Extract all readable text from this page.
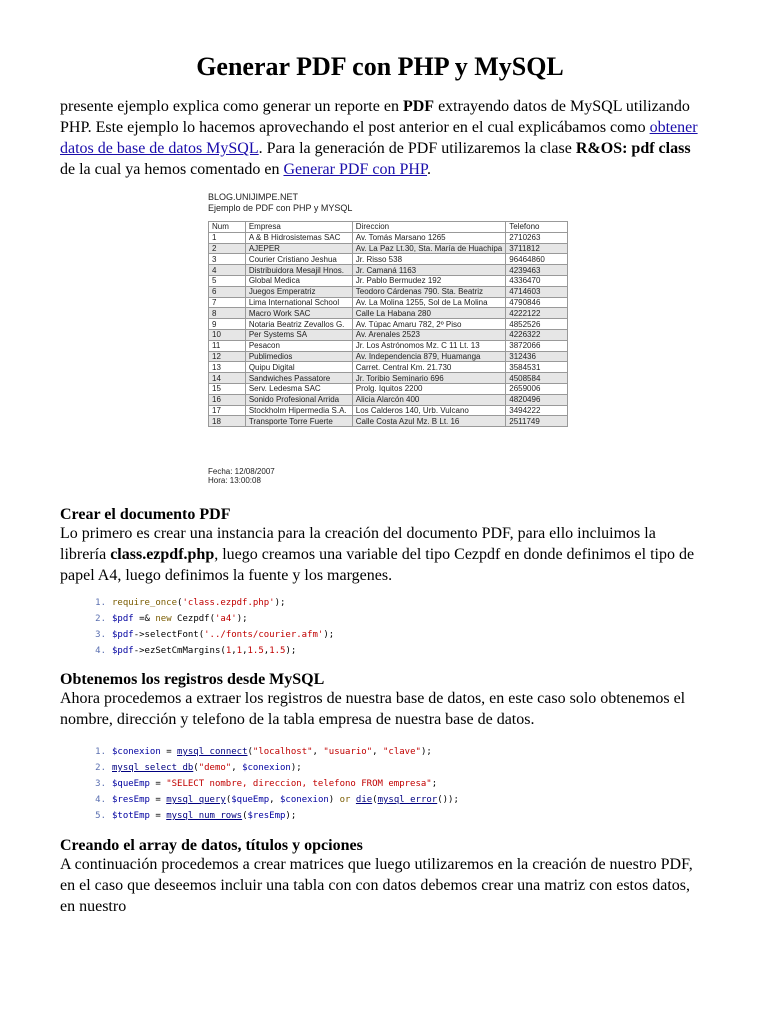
Generar PDF con PHP y MySQL
presente ejemplo explica como generar un reporte en PDF extrayendo datos de MySQL utilizando PHP. Este ejemplo lo hacemos aprovechando el post anterior en el cual explicábamos como obtener datos de base de datos MySQL. Para la generación de PDF utilizaremos la clase R&OS: pdf class de la cual ya hemos comentado en Generar PDF con PHP.
BLOG.UNIJIMPE.NET
Ejemplo de PDF con PHP y MYSQL
Num	Empresa	Direccion	Telefono
1	A & B Hidrosistemas SAC	Av. Tomás Marsano 1265	2710263
2	AJEPER	Av. La Paz Lt.30, Sta. María de Huachipa	3711812
3	Courier Cristiano Jeshua	Jr. Risso 538	96464860
4	Distribuidora Mesajil Hnos.	Jr. Camaná 1163	4239463
5	Global Medica	Jr. Pablo Bermudez 192	4336470
6	Juegos Emperatriz	Teodoro Cárdenas 790. Sta. Beatriz	4714603
7	Lima International School	Av. La Molina 1255, Sol de La Molina	4790846
8	Macro Work SAC	Calle La Habana 280	4222122
9	Notaria Beatriz Zevallos G.	Av. Túpac Amaru 782, 2º Piso	4852526
10	Per Systems SA	Av. Arenales 2523	4226322
11	Pesacon	Jr. Los Astrónomos Mz. C 11 Lt. 13	3872066
12	Publimedios	Av. Independencia 879, Huamanga	312436
13	Quipu Digital	Carret. Central Km. 21.730	3584531
14	Sandwiches Passatore	Jr. Toribio Seminario 696	4508584
15	Serv. Ledesma SAC	Prolg. Iquitos 2200	2659006
16	Sonido Profesional Arrida	Alicia Alarcón 400	4820496
17	Stockholm Hipermedia S.A.	Los Calderos 140, Urb. Vulcano	3494222
18	Transporte Torre Fuerte	Calle Costa Azul Mz. B Lt. 16	2511749
Fecha: 12/08/2007
Hora: 13:00:08
Crear el documento PDF
Lo primero es crear una instancia para la creación del documento PDF, para ello incluimos la librería class.ezpdf.php, luego creamos una variable del tipo Cezpdf en donde definimos el tipo de papel A4, luego definimos la fuente y los margenes.
1. require_once('class.ezpdf.php');
2. $pdf =& new Cezpdf('a4');
3. $pdf->selectFont('../fonts/courier.afm');
4. $pdf->ezSetCmMargins(1,1,1.5,1.5);
Obtenemos los registros desde MySQL
Ahora procedemos a extraer los registros de nuestra base de datos, en este caso solo obtenemos el nombre, dirección y telefono de la tabla empresa de nuestra base de datos.
1. $conexion = mysql_connect("localhost", "usuario", "clave");
2. mysql_select_db("demo", $conexion);
3. $queEmp = "SELECT nombre, direccion, telefono FROM empresa";
4. $resEmp = mysql_query($queEmp, $conexion) or die(mysql_error());
5. $totEmp = mysql_num_rows($resEmp);
Creando el array de datos, títulos y opciones
A continuación procedemos a crear matrices que luego utilizaremos en la creación de nuestro PDF, en el caso que deseemos incluir una tabla con con datos debemos crear una matriz con estos datos, en nuestro
